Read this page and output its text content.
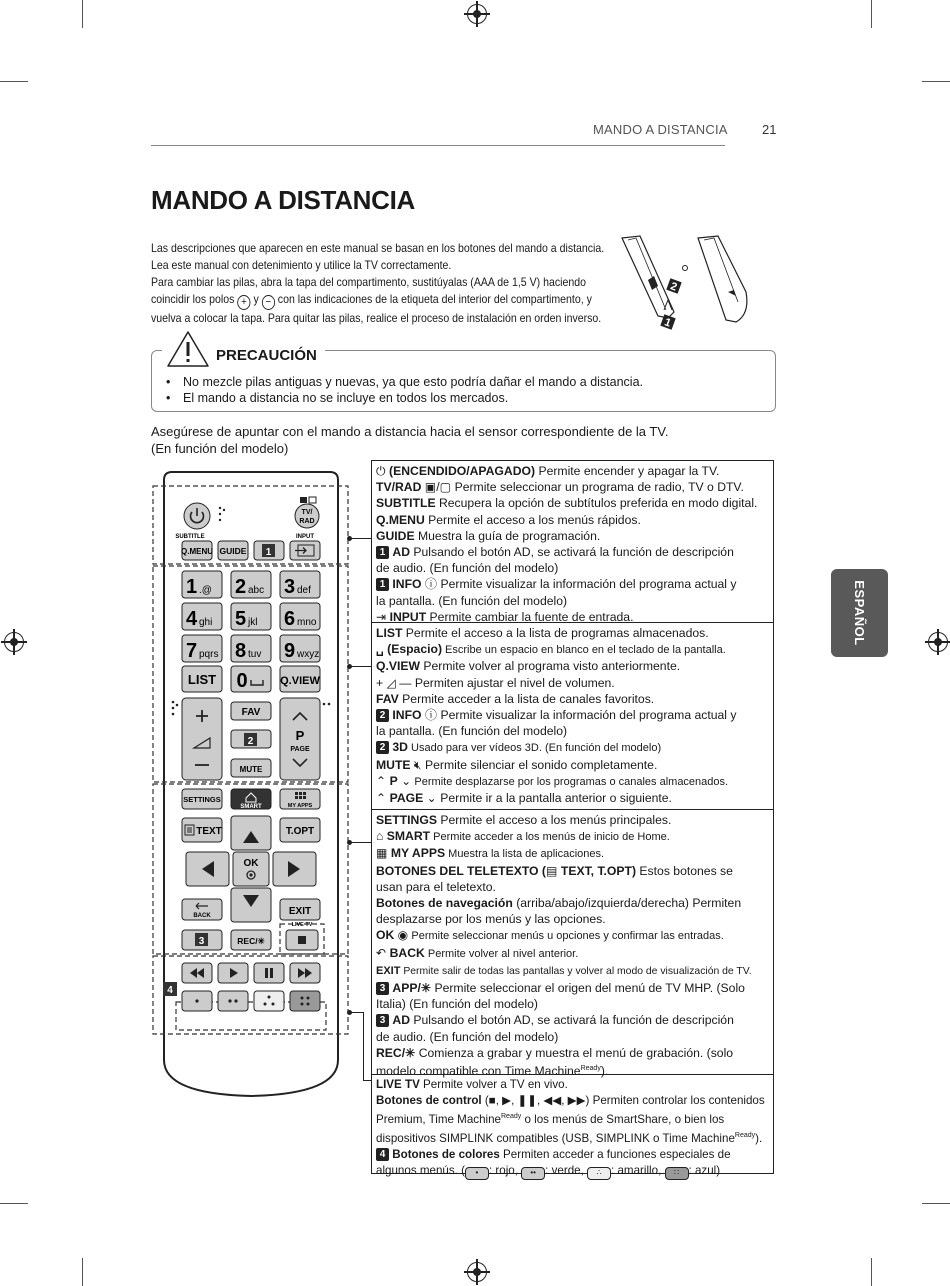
MANDO A DISTANCIA	21
MANDO A DISTANCIA

Las descripciones que aparecen en este manual se basan en los botones del mando a distancia.

Lea este manual con detenimiento y utilice la TV correctamente.

Para cambiar las pilas, abra la tapa del compartimento, sustitúyalas (AAA de 1,5 V) haciendo

coincidir los polos + y − con las indicaciones de la etiqueta del interior del compartimento, y

vuelva a colocar la tapa. Para quitar las pilas, realice el proceso de instalación en orden inverso.

2
1
PRECAUCIÓN
• No mezcle pilas antiguas y nuevas, ya que esto podría dañar el mando a distancia.
• El mando a distancia no se incluye en todos los mercados.
Asegúrese de apuntar con el mando a distancia hacia el sensor correspondiente de la TV.
(En función del modelo)
TV/
RAD
SUBTITLE	INPUT
Q.MENU GUIDE 1
1 .@ 2 abc 3 def
4 ghi 5 jkl 6 mno
7 pqrs 8 tuv 9 wxyz
LIST 0	Q.VIEW
FAV
2
MUTE
P
PAGE
SETTINGS
SMART	MY APPS
TEXT	T.OPT
OK
BACK	EXIT
3	REC/✳
LIVE TV
4
⏻ (ENCENDIDO/APAGADO) Permite encender y apagar la TV.
TV/RAD ▣/▢ Permite seleccionar un programa de radio, TV o DTV.
SUBTITLE Recupera la opción de subtítulos preferida en modo digital.
Q.MENU Permite el acceso a los menús rápidos.
GUIDE Muestra la guía de programación.
1 AD Pulsando el botón AD, se activará la función de descripción
de audio. (En función del modelo)
1 INFO ⓘ Permite visualizar la información del programa actual y
la pantalla. (En función del modelo)
⇥ INPUT Permite cambiar la fuente de entrada.
LIST Permite el acceso a la lista de programas almacenados.
␣ (Espacio) Escribe un espacio en blanco en el teclado de la pantalla.
Q.VIEW Permite volver al programa visto anteriormente.
+ ◿ — Permiten ajustar el nivel de volumen.
FAV Permite acceder a la lista de canales favoritos.
2 INFO ⓘ Permite visualizar la información del programa actual y
la pantalla. (En función del modelo)
2 3D Usado para ver vídeos 3D. (En función del modelo)
MUTE 🔇︎ Permite silenciar el sonido completamente.
⌃ P ⌄ Permite desplazarse por los programas o canales almacenados.
⌃ PAGE ⌄ Permite ir a la pantalla anterior o siguiente.
SETTINGS Permite el acceso a los menús principales.
⌂ SMART Permite acceder a los menús de inicio de Home.
▦ MY APPS Muestra la lista de aplicaciones.
BOTONES DEL TELETEXTO (▤ TEXT, T.OPT) Estos botones se
usan para el teletexto.
Botones de navegación (arriba/abajo/izquierda/derecha) Permiten
desplazarse por los menús y las opciones.
OK ◉ Permite seleccionar menús u opciones y confirmar las entradas.
↶ BACK Permite volver al nivel anterior.
EXIT Permite salir de todas las pantallas y volver al modo de visualización de TV.
3 APP/✳ Permite seleccionar el origen del menú de TV MHP. (Solo
Italia) (En función del modelo)
3 AD Pulsando el botón AD, se activará la función de descripción
de audio. (En función del modelo)
REC/✳ Comienza a grabar y muestra el menú de grabación. (solo
modelo compatible con Time Machine$^{Ready}$).
LIVE TV Permite volver a TV en vivo.
Botones de control (■, ▶, ❚❚, ◀◀, ▶▶) Permiten controlar los contenidos
Premium, Time Machine$^{Ready}$ o los menús de SmartShare, o bien los
dispositivos SIMPLINK compatibles (USB, SIMPLINK o Time Machine$^{Ready}$).
4 Botones de colores Permiten acceder a funciones especiales de
algunos menús. ( • : rojo, •• : verde, ∴ : amarillo, ∷ : azul)
ESPAÑOL
